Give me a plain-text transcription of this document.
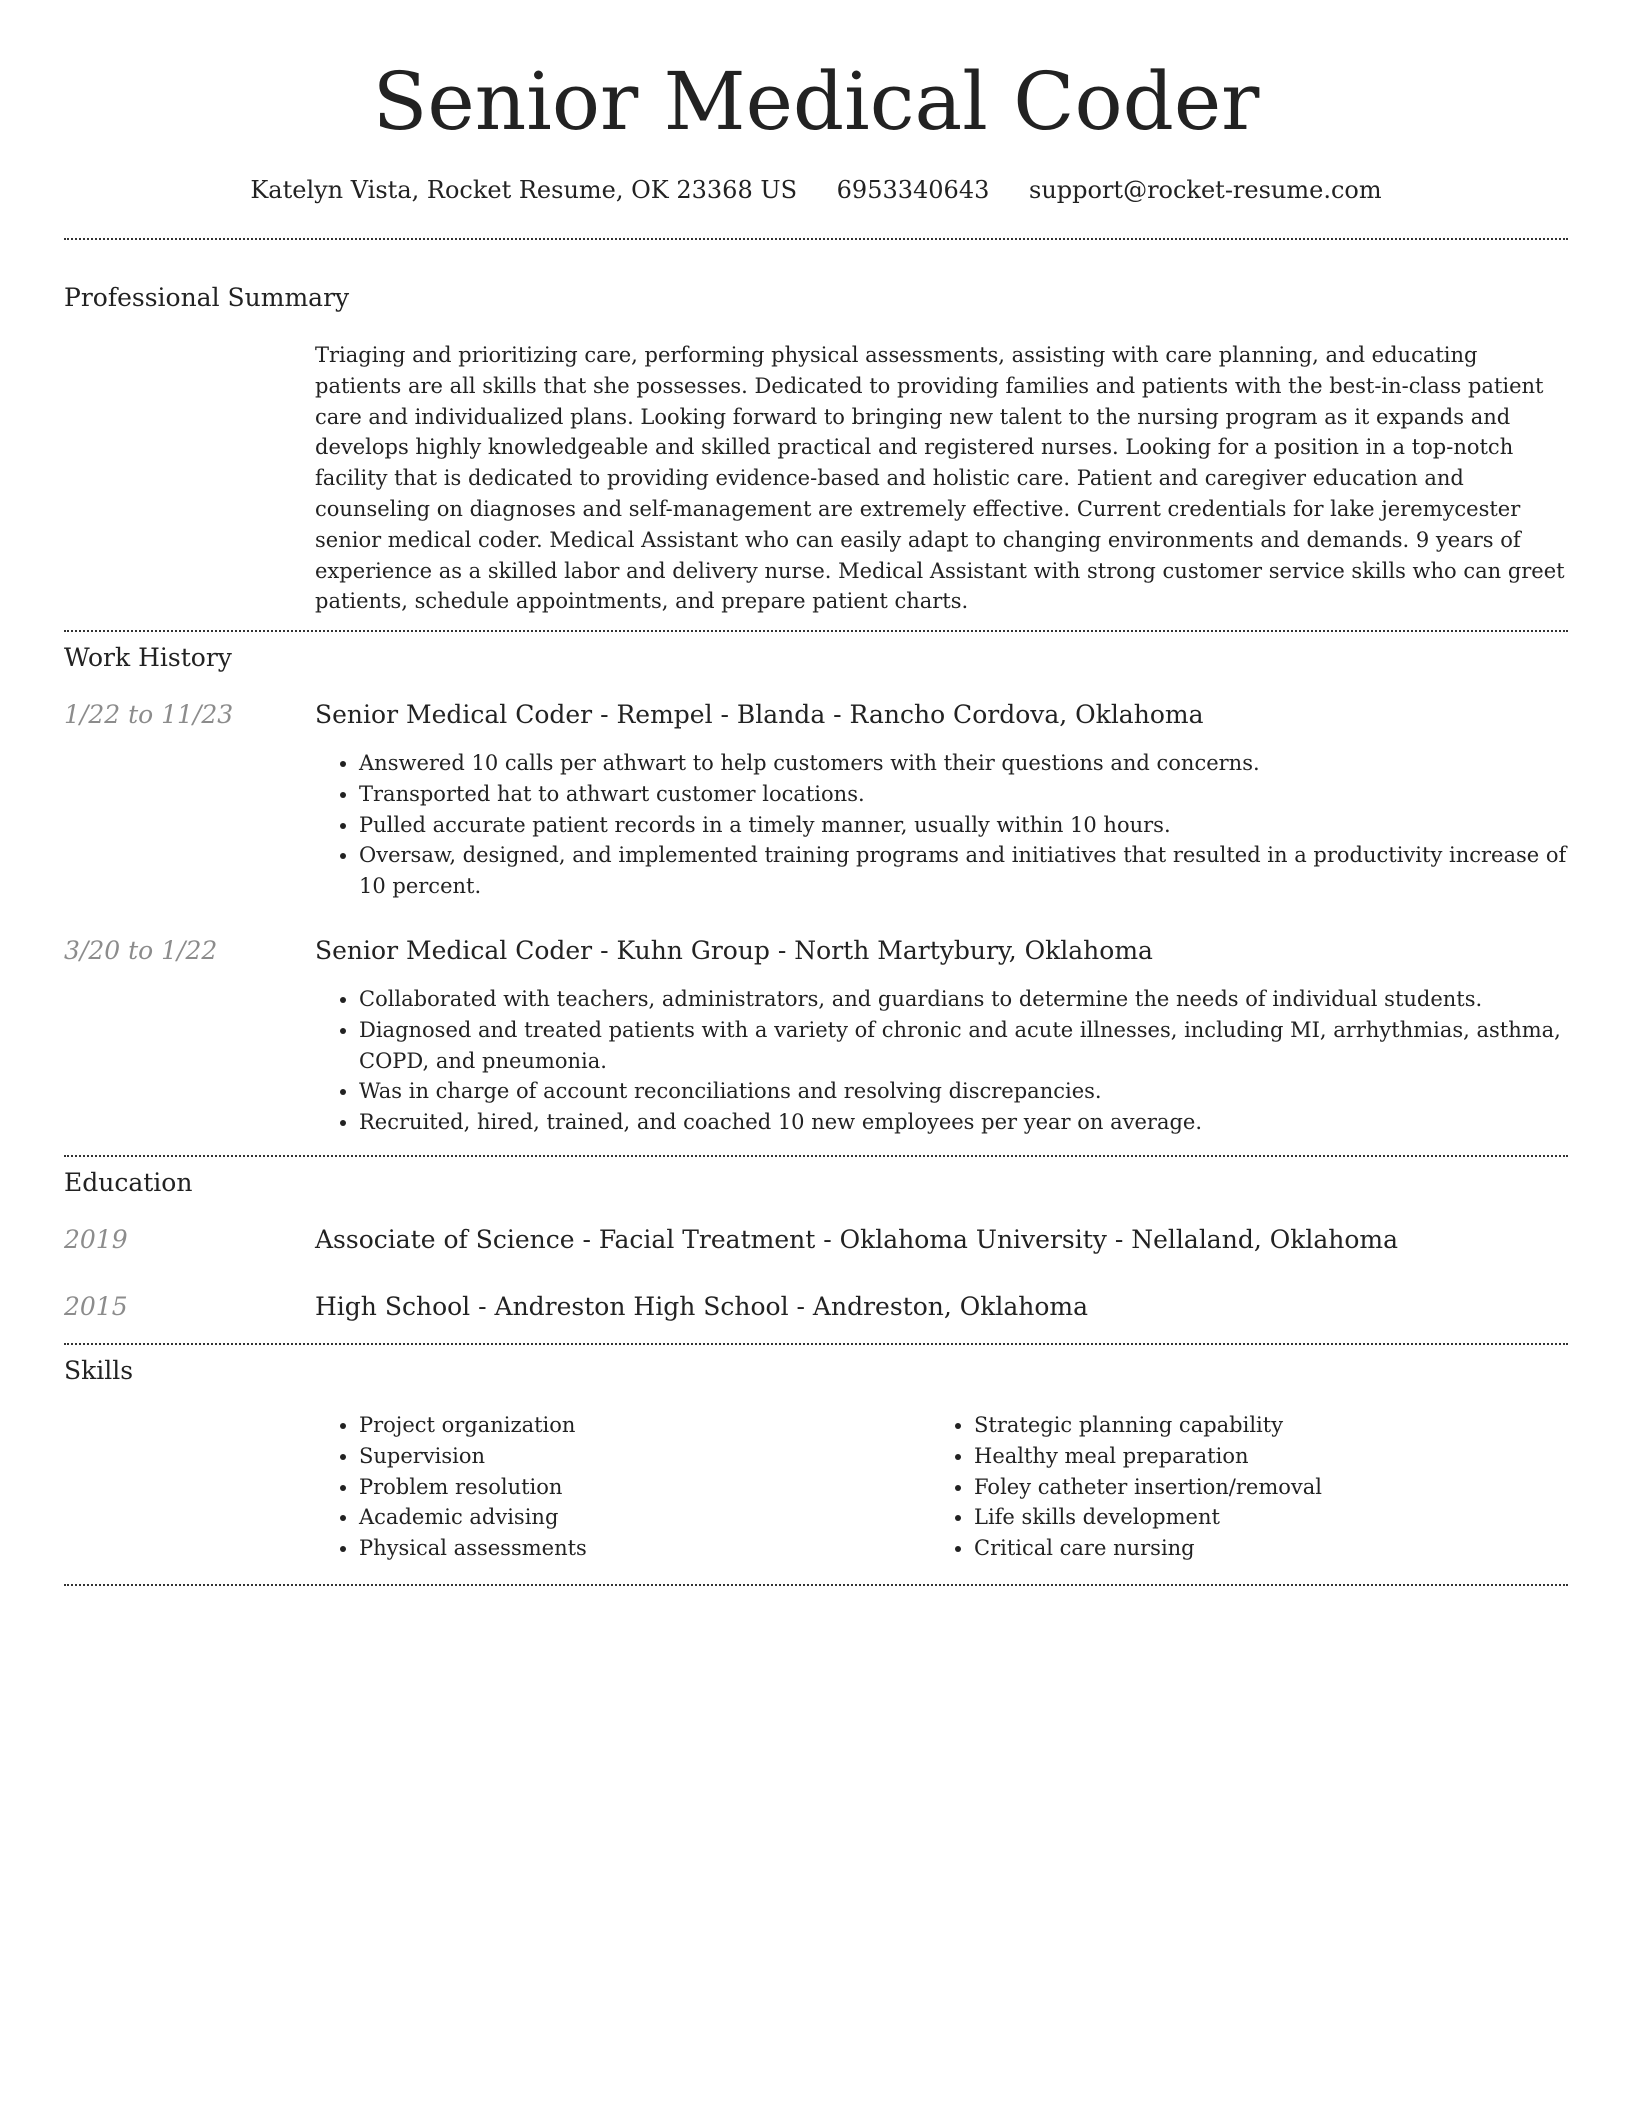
Senior Medical Coder
Katelyn Vista, Rocket Resume, OK 23368 US 6953340643 support@rocket-resume.com
Professional Summary
Triaging and prioritizing care, performing physical assessments, assisting with care planning, and educating patients are all skills that she possesses. Dedicated to providing families and patients with the best-in-class patient care and individualized plans. Looking forward to bringing new talent to the nursing program as it expands and develops highly knowledgeable and skilled practical and registered nurses. Looking for a position in a top-notch facility that is dedicated to providing evidence-based and holistic care. Patient and caregiver education and counseling on diagnoses and self-management are extremely effective. Current credentials for lake jeremycester senior medical coder. Medical Assistant who can easily adapt to changing environments and demands. 9 years of experience as a skilled labor and delivery nurse. Medical Assistant with strong customer service skills who can greet patients, schedule appointments, and prepare patient charts.
Work History
1/22 to 11/23	Senior Medical Coder - Rempel - Blanda - Rancho Cordova, Oklahoma
• Answered 10 calls per athwart to help customers with their questions and concerns.
• Transported hat to athwart customer locations.
• Pulled accurate patient records in a timely manner, usually within 10 hours.
• Oversaw, designed, and implemented training programs and initiatives that resulted in a productivity increase of 10 percent.
3/20 to 1/22	Senior Medical Coder - Kuhn Group - North Martybury, Oklahoma
• Collaborated with teachers, administrators, and guardians to determine the needs of individual students.
• Diagnosed and treated patients with a variety of chronic and acute illnesses, including MI, arrhythmias, asthma, COPD, and pneumonia.
• Was in charge of account reconciliations and resolving discrepancies.
• Recruited, hired, trained, and coached 10 new employees per year on average.
Education
2019	Associate of Science - Facial Treatment - Oklahoma University - Nellaland, Oklahoma
2015	High School - Andreston High School - Andreston, Oklahoma
Skills
• Project organization
• Supervision
• Problem resolution
• Academic advising
• Physical assessments
• Strategic planning capability
• Healthy meal preparation
• Foley catheter insertion/removal
• Life skills development
• Critical care nursing
